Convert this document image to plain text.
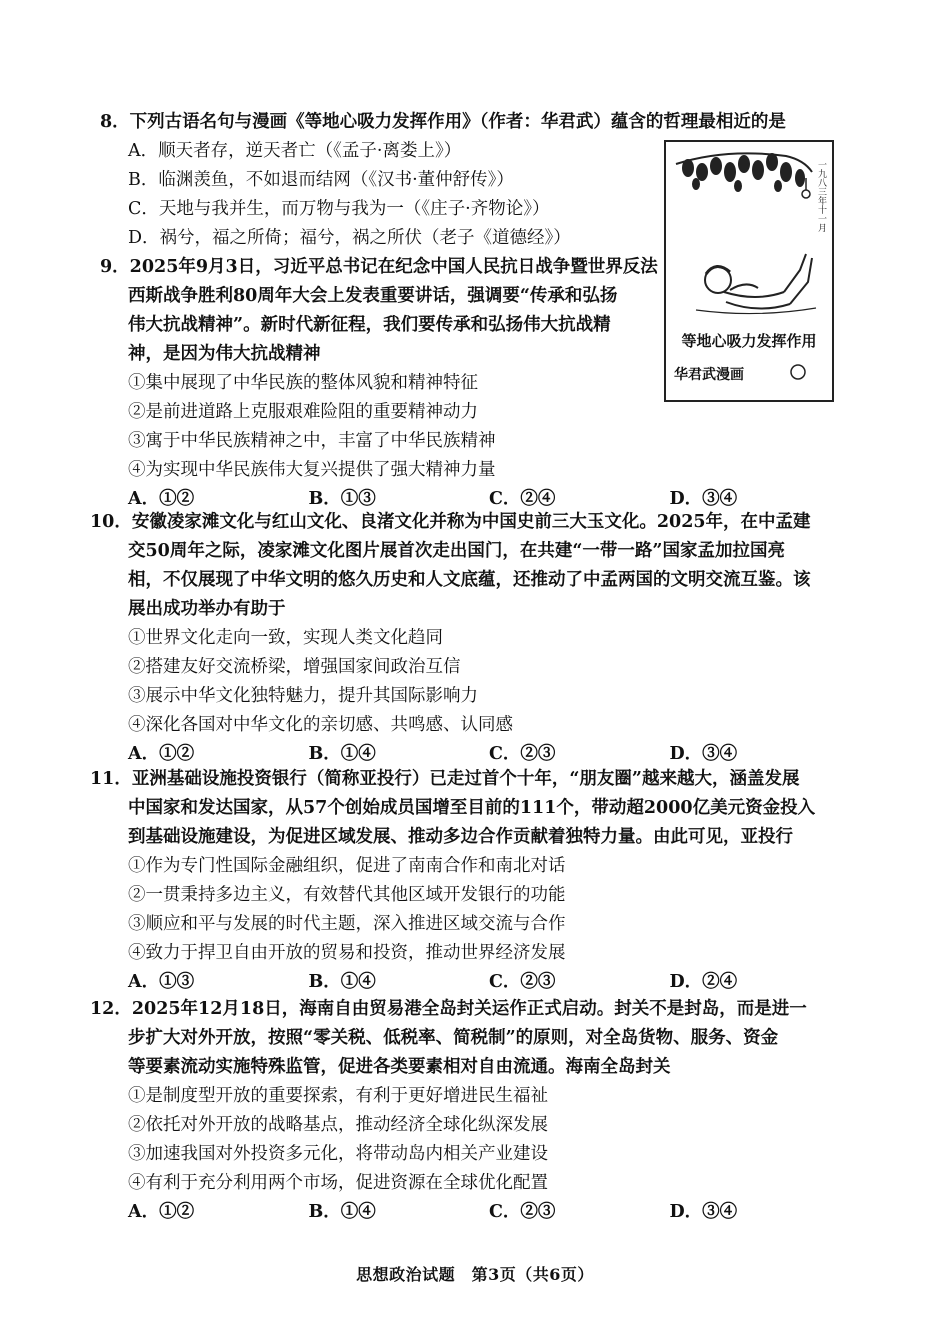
8．下列古语名句与漫画《等地心吸力发挥作用》（作者：华君武）蕴含的哲理最相近的是
A．顺天者存，逆天者亡（《孟子·离娄上》）
B．临渊羡鱼，不如退而结网（《汉书·董仲舒传》）
C．天地与我并生，而万物与我为一（《庄子·齐物论》）
D．祸兮，福之所倚；福兮，祸之所伏（老子《道德经》）
一九八三年十一月
等地心吸力发挥作用
华君武漫画
9．2025年9月3日，习近平总书记在纪念中国人民抗日战争暨世界反法
西斯战争胜利80周年大会上发表重要讲话，强调要“传承和弘扬
伟大抗战精神”。新时代新征程，我们要传承和弘扬伟大抗战精
神，是因为伟大抗战精神
①集中展现了中华民族的整体风貌和精神特征
②是前进道路上克服艰难险阻的重要精神动力
③寓于中华民族精神之中，丰富了中华民族精神
④为实现中华民族伟大复兴提供了强大精神力量
A．①②	B．①③	C．②④	D．③④
10．安徽凌家滩文化与红山文化、良渚文化并称为中国史前三大玉文化。2025年，在中孟建
交50周年之际，凌家滩文化图片展首次走出国门，在共建“一带一路”国家孟加拉国亮
相，不仅展现了中华文明的悠久历史和人文底蕴，还推动了中孟两国的文明交流互鉴。该
展出成功举办有助于
①世界文化走向一致，实现人类文化趋同
②搭建友好交流桥梁，增强国家间政治互信
③展示中华文化独特魅力，提升其国际影响力
④深化各国对中华文化的亲切感、共鸣感、认同感
A．①②	B．①④	C．②③	D．③④
11．亚洲基础设施投资银行（简称亚投行）已走过首个十年，“朋友圈”越来越大，涵盖发展
中国家和发达国家，从57个创始成员国增至目前的111个，带动超2000亿美元资金投入
到基础设施建设，为促进区域发展、推动多边合作贡献着独特力量。由此可见，亚投行
①作为专门性国际金融组织，促进了南南合作和南北对话
②一贯秉持多边主义，有效替代其他区域开发银行的功能
③顺应和平与发展的时代主题，深入推进区域交流与合作
④致力于捍卫自由开放的贸易和投资，推动世界经济发展
A．①③	B．①④	C．②③	D．②④
12．2025年12月18日，海南自由贸易港全岛封关运作正式启动。封关不是封岛，而是进一
步扩大对外开放，按照“零关税、低税率、简税制”的原则，对全岛货物、服务、资金
等要素流动实施特殊监管，促进各类要素相对自由流通。海南全岛封关
①是制度型开放的重要探索，有利于更好增进民生福祉
②依托对外开放的战略基点，推动经济全球化纵深发展
③加速我国对外投资多元化，将带动岛内相关产业建设
④有利于充分利用两个市场，促进资源在全球优化配置
A．①②	B．①④	C．②③	D．③④
思想政治试题　第3页（共6页）
